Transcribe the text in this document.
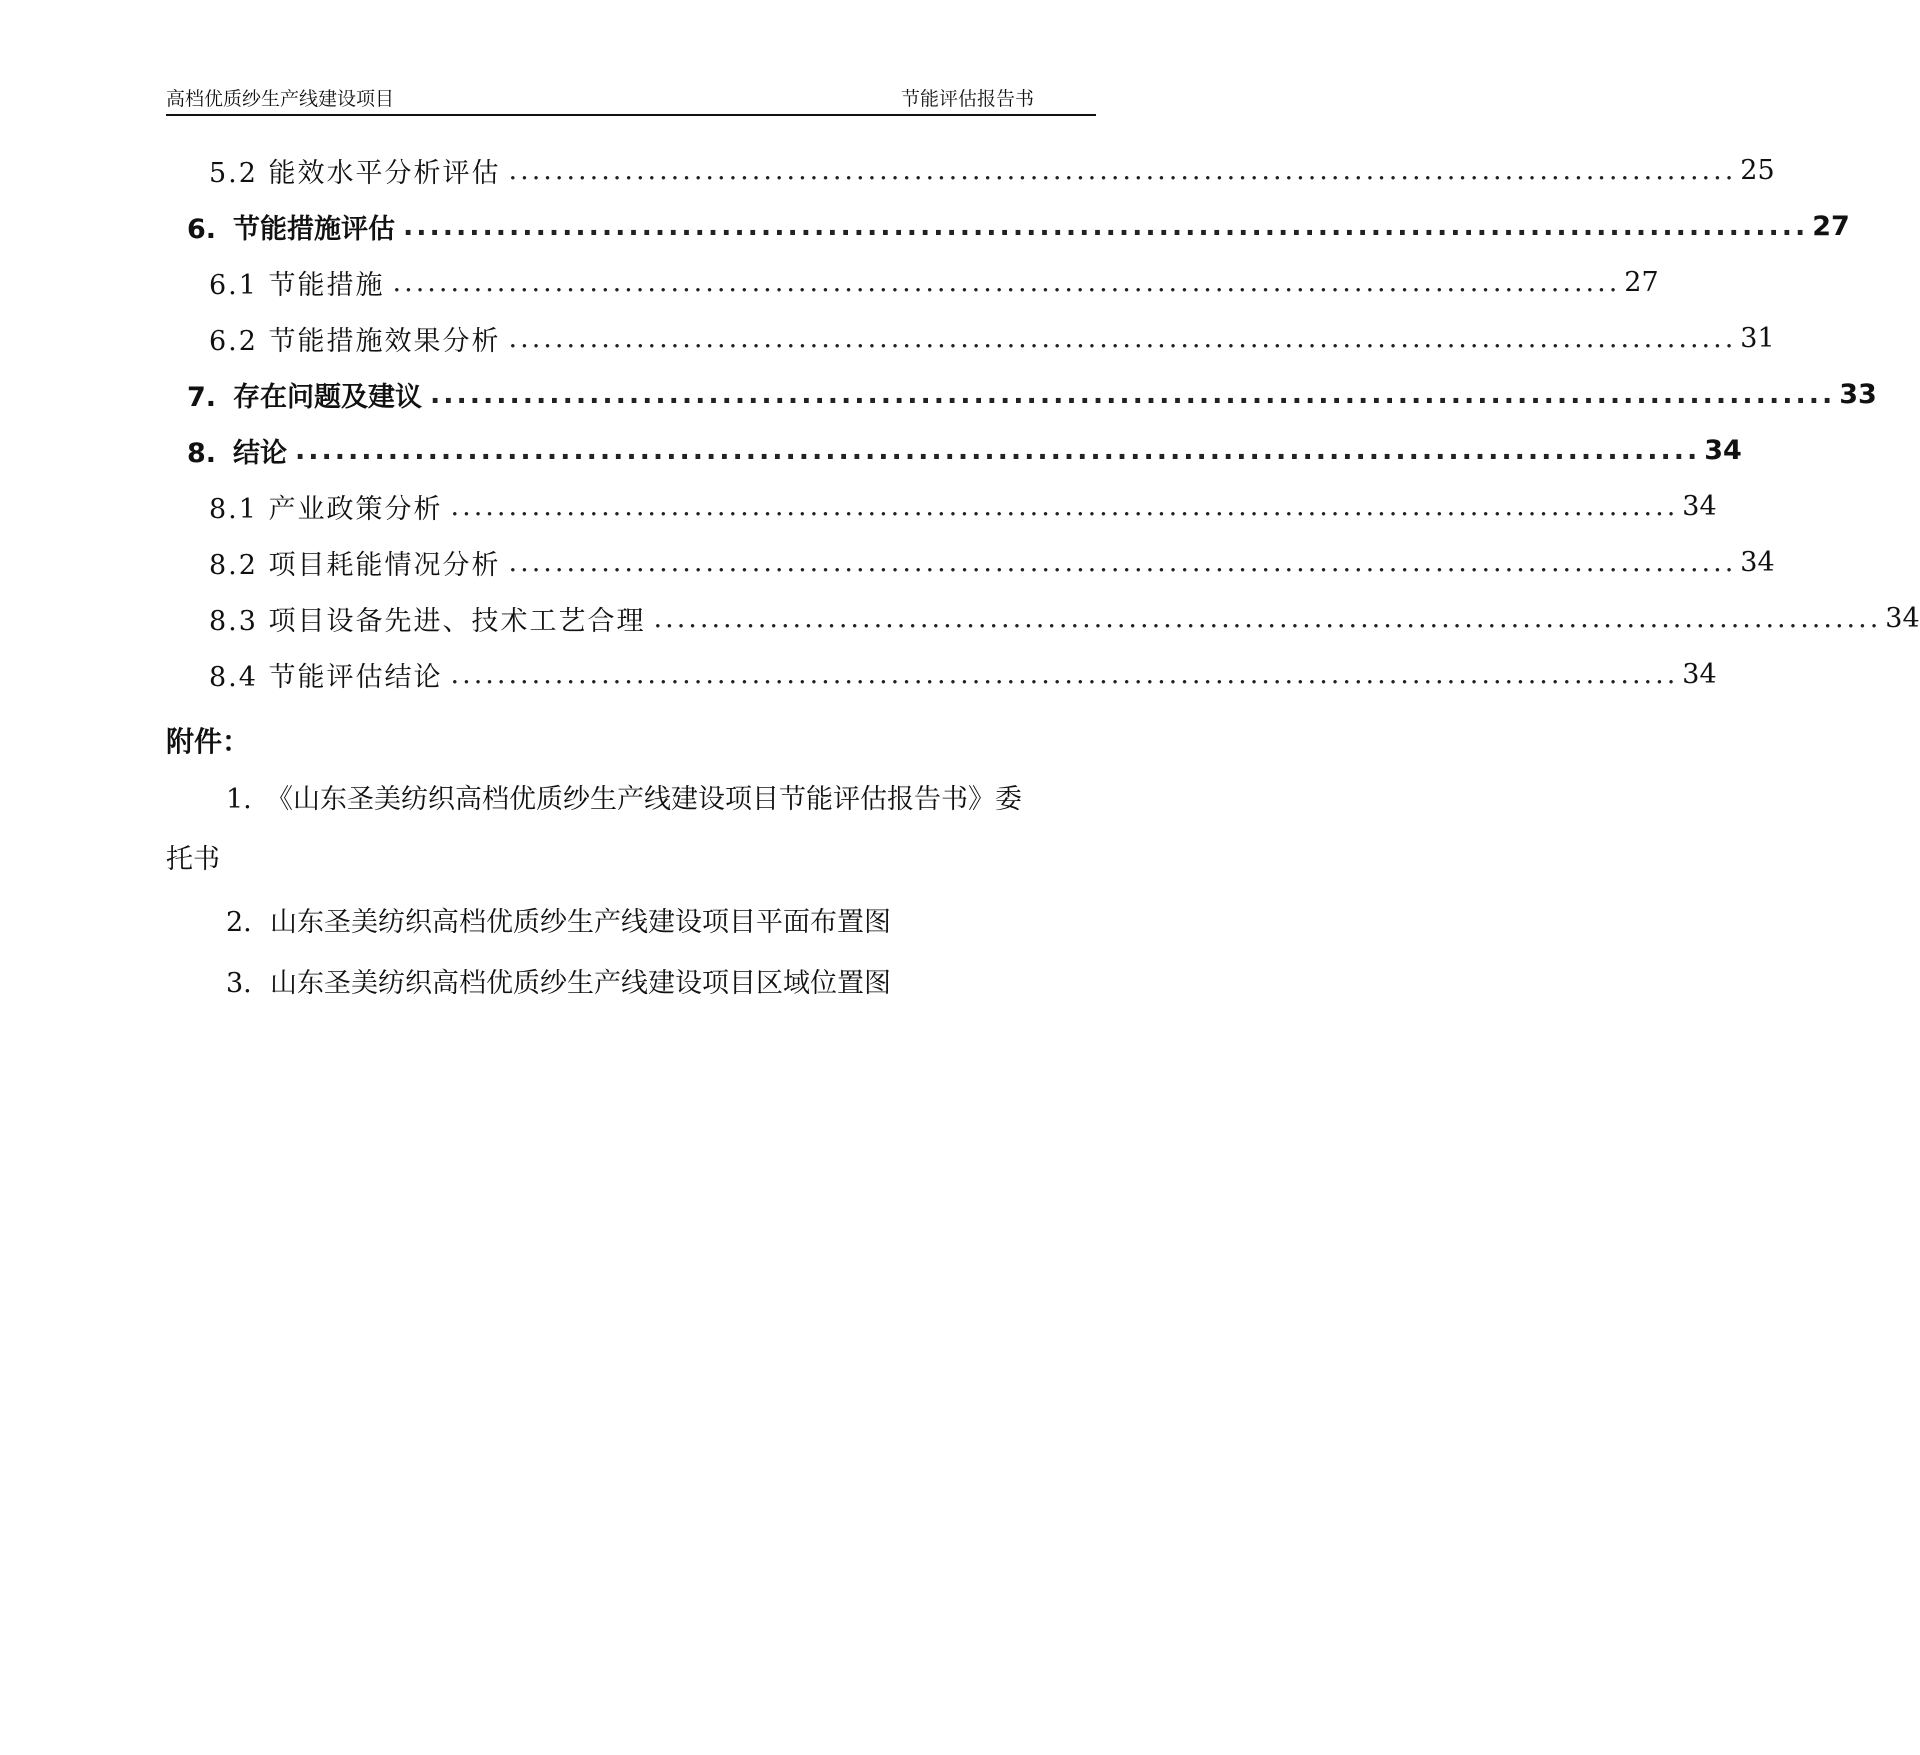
高档优质纱生产线建设项目	节能评估报告书
5.2 能效水平分析评估 .......................................................................................................... 25
6. 节能措施评估 .......................................................................................................... 27
6.1 节能措施 .......................................................................................................... 27
6.2 节能措施效果分析 .......................................................................................................... 31
7. 存在问题及建议 .......................................................................................................... 33
8. 结论 .......................................................................................................... 34
8.1 产业政策分析 .......................................................................................................... 34
8.2 项目耗能情况分析 .......................................................................................................... 34
8.3 项目设备先进、技术工艺合理 .......................................................................................................... 34
8.4 节能评估结论 .......................................................................................................... 34
附件：
1. 《山东圣美纺织高档优质纱生产线建设项目节能评估报告书》委
托书
2. 山东圣美纺织高档优质纱生产线建设项目平面布置图
3. 山东圣美纺织高档优质纱生产线建设项目区域位置图
